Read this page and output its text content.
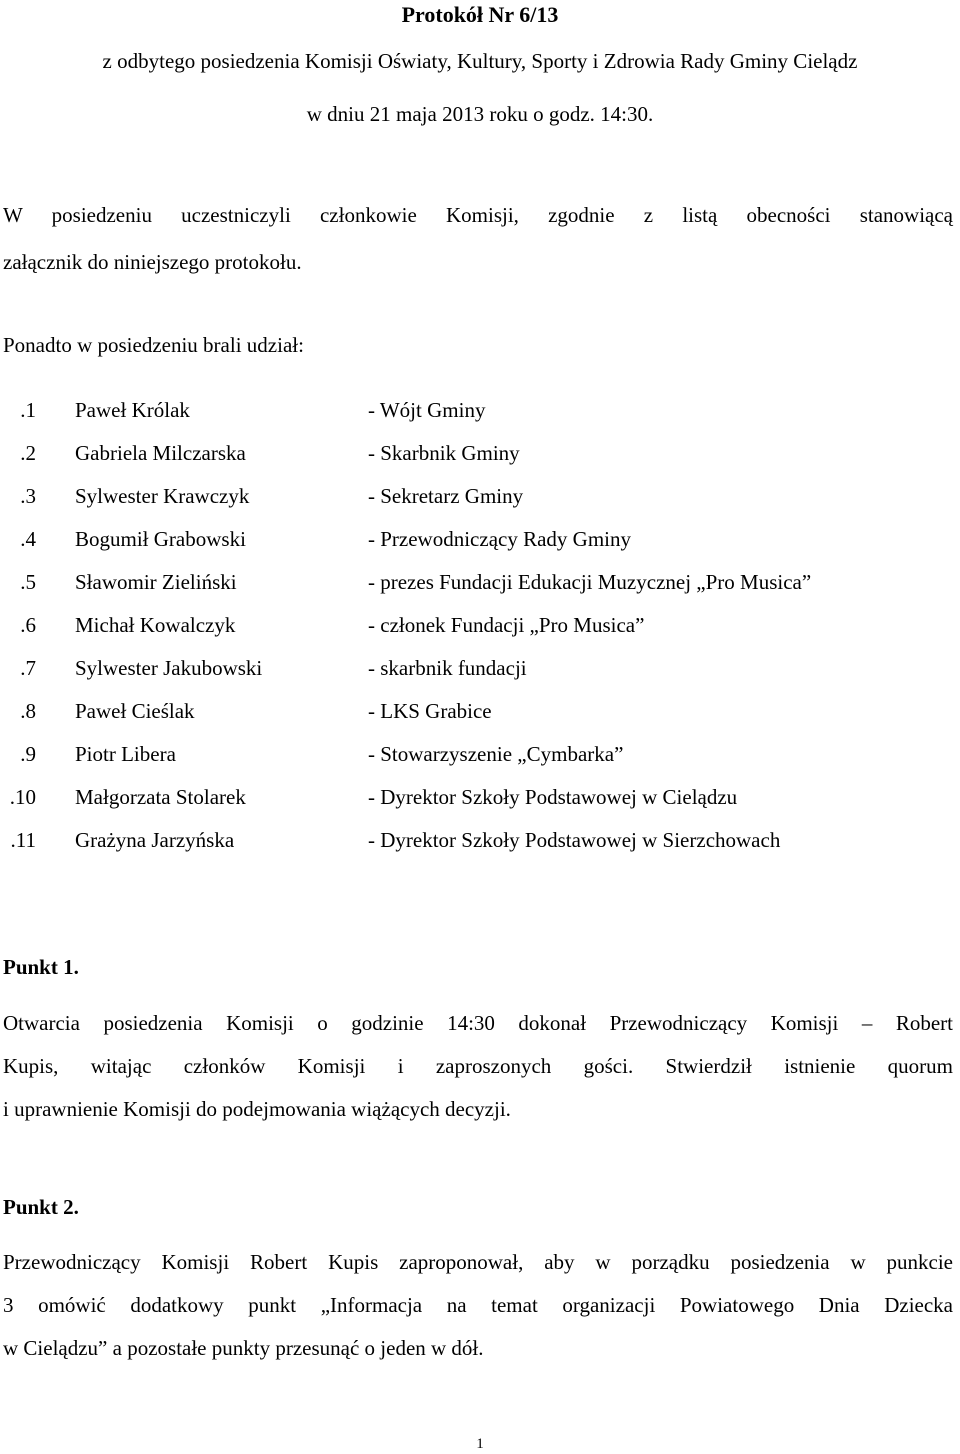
Protokół Nr 6/13
z odbytego posiedzenia Komisji Oświaty, Kultury, Sporty i Zdrowia Rady Gminy Cielądz
w dniu 21 maja 2013 roku o godz. 14:30.
W posiedzeniu uczestniczyli członkowie Komisji, zgodnie z listą obecności stanowiącą
załącznik do niniejszego protokołu.
Ponadto w posiedzeniu brali udział:
1. Paweł Królak	- Wójt Gminy
2. Gabriela Milczarska	- Skarbnik Gminy
3. Sylwester Krawczyk	- Sekretarz Gminy
4. Bogumił Grabowski	- Przewodniczący Rady Gminy
5. Sławomir Zieliński	- prezes Fundacji Edukacji Muzycznej „Pro Musica”
6. Michał Kowalczyk	- członek Fundacji „Pro Musica”
7. Sylwester Jakubowski	- skarbnik fundacji
8. Paweł Cieślak	- LKS Grabice
9. Piotr Libera	- Stowarzyszenie „Cymbarka”
10. Małgorzata Stolarek	- Dyrektor Szkoły Podstawowej w Cielądzu
11. Grażyna Jarzyńska	- Dyrektor Szkoły Podstawowej w Sierzchowach
Punkt 1.
Otwarcia posiedzenia Komisji o godzinie 14:30 dokonał Przewodniczący Komisji – Robert
Kupis, witając członków Komisji i zaproszonych gości. Stwierdził istnienie quorum
i uprawnienie Komisji do podejmowania wiążących decyzji.
Punkt 2.
Przewodniczący Komisji Robert Kupis zaproponował, aby w porządku posiedzenia w punkcie
3 omówić dodatkowy punkt „Informacja na temat organizacji Powiatowego Dnia Dziecka
w Cielądzu” a pozostałe punkty przesunąć o jeden w dół.
1
